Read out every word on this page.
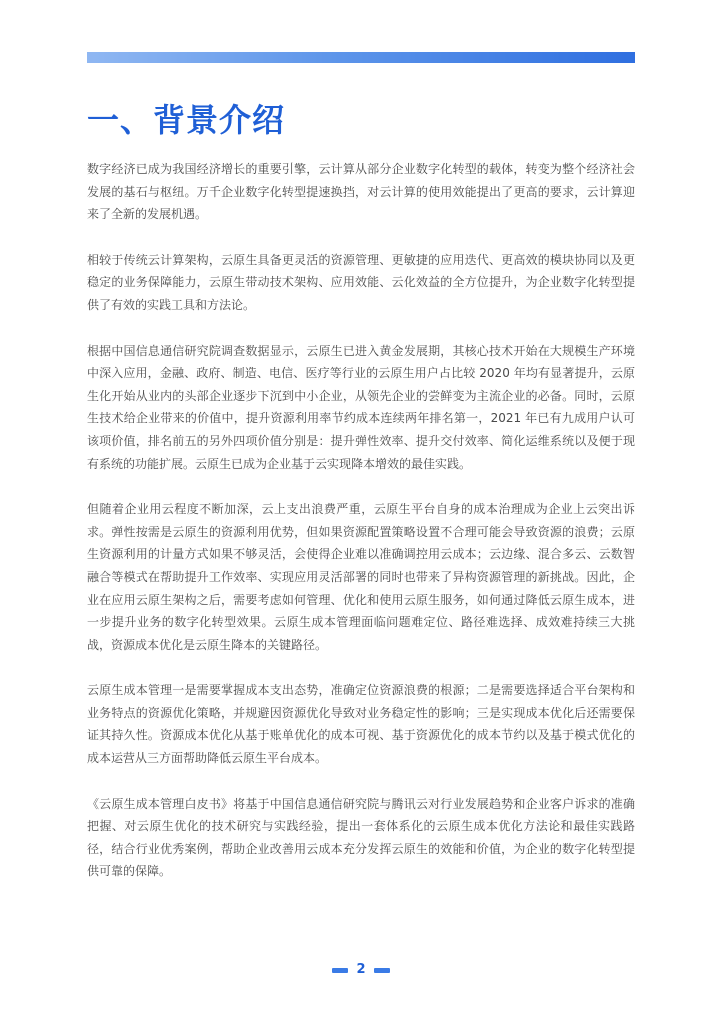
一、背景介绍

数字经济已成为我国经济增长的重要引擎，云计算从部分企业数字化转型的载体，转变为整个经济社会发展的基石与枢纽。万千企业数字化转型提速换挡，对云计算的使用效能提出了更高的要求，云计算迎来了全新的发展机遇。

相较于传统云计算架构，云原生具备更灵活的资源管理、更敏捷的应用迭代、更高效的模块协同以及更稳定的业务保障能力，云原生带动技术架构、应用效能、云化效益的全方位提升，为企业数字化转型提供了有效的实践工具和方法论。

根据中国信息通信研究院调查数据显示，云原生已进入黄金发展期，其核心技术开始在大规模生产环境中深入应用，金融、政府、制造、电信、医疗等行业的云原生用户占比较 2020 年均有显著提升，云原生化开始从业内的头部企业逐步下沉到中小企业，从领先企业的尝鲜变为主流企业的必备。同时，云原生技术给企业带来的价值中，提升资源利用率节约成本连续两年排名第一，2021 年已有九成用户认可该项价值，排名前五的另外四项价值分别是：提升弹性效率、提升交付效率、简化运维系统以及便于现有系统的功能扩展。云原生已成为企业基于云实现降本增效的最佳实践。

但随着企业用云程度不断加深，云上支出浪费严重，云原生平台自身的成本治理成为企业上云突出诉求。弹性按需是云原生的资源利用优势，但如果资源配置策略设置不合理可能会导致资源的浪费；云原生资源利用的计量方式如果不够灵活，会使得企业难以准确调控用云成本；云边缘、混合多云、云数智融合等模式在帮助提升工作效率、实现应用灵活部署的同时也带来了异构资源管理的新挑战。因此，企业在应用云原生架构之后，需要考虑如何管理、优化和使用云原生服务，如何通过降低云原生成本，进一步提升业务的数字化转型效果。云原生成本管理面临问题难定位、路径难选择、成效难持续三大挑战，资源成本优化是云原生降本的关键路径。

云原生成本管理一是需要掌握成本支出态势，准确定位资源浪费的根源；二是需要选择适合平台架构和业务特点的资源优化策略，并规避因资源优化导致对业务稳定性的影响；三是实现成本优化后还需要保证其持久性。资源成本优化从基于账单优化的成本可视、基于资源优化的成本节约以及基于模式优化的成本运营从三方面帮助降低云原生平台成本。

《云原生成本管理白皮书》将基于中国信息通信研究院与腾讯云对行业发展趋势和企业客户诉求的准确把握、对云原生优化的技术研究与实践经验，提出一套体系化的云原生成本优化方法论和最佳实践路径，结合行业优秀案例，帮助企业改善用云成本充分发挥云原生的效能和价值，为企业的数字化转型提供可靠的保障。

2
